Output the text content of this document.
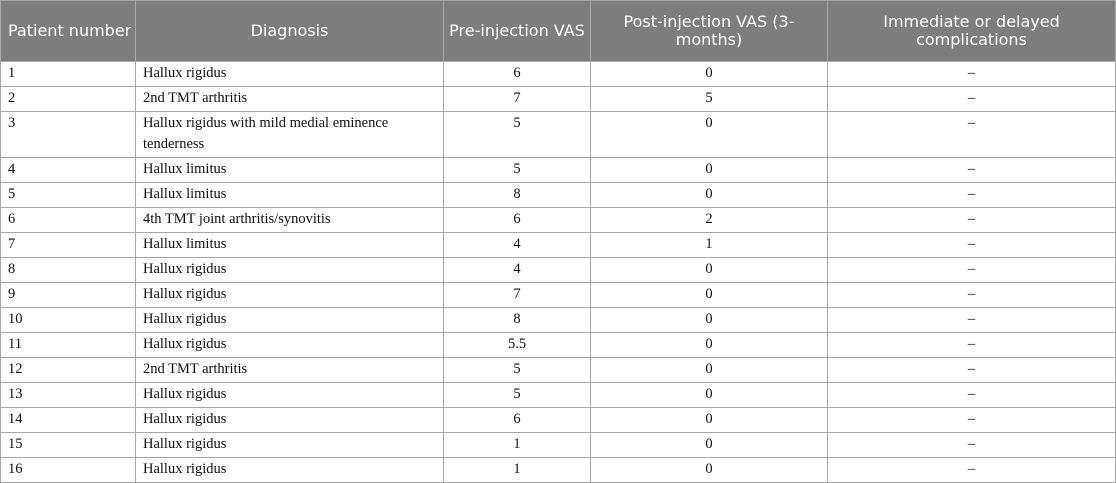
Patient number	Diagnosis	Pre-injection VAS	Post-injection VAS (3-months)	Immediate or delayed complications
1	Hallux rigidus	6	0	–
2	2nd TMT arthritis	7	5	–
3	Hallux rigidus with mild medial eminence tenderness	5	0	–
4	Hallux limitus	5	0	–
5	Hallux limitus	8	0	–
6	4th TMT joint arthritis/synovitis	6	2	–
7	Hallux limitus	4	1	–
8	Hallux rigidus	4	0	–
9	Hallux rigidus	7	0	–
10	Hallux rigidus	8	0	–
11	Hallux rigidus	5.5	0	–
12	2nd TMT arthritis	5	0	–
13	Hallux rigidus	5	0	–
14	Hallux rigidus	6	0	–
15	Hallux rigidus	1	0	–
16	Hallux rigidus	1	0	–
